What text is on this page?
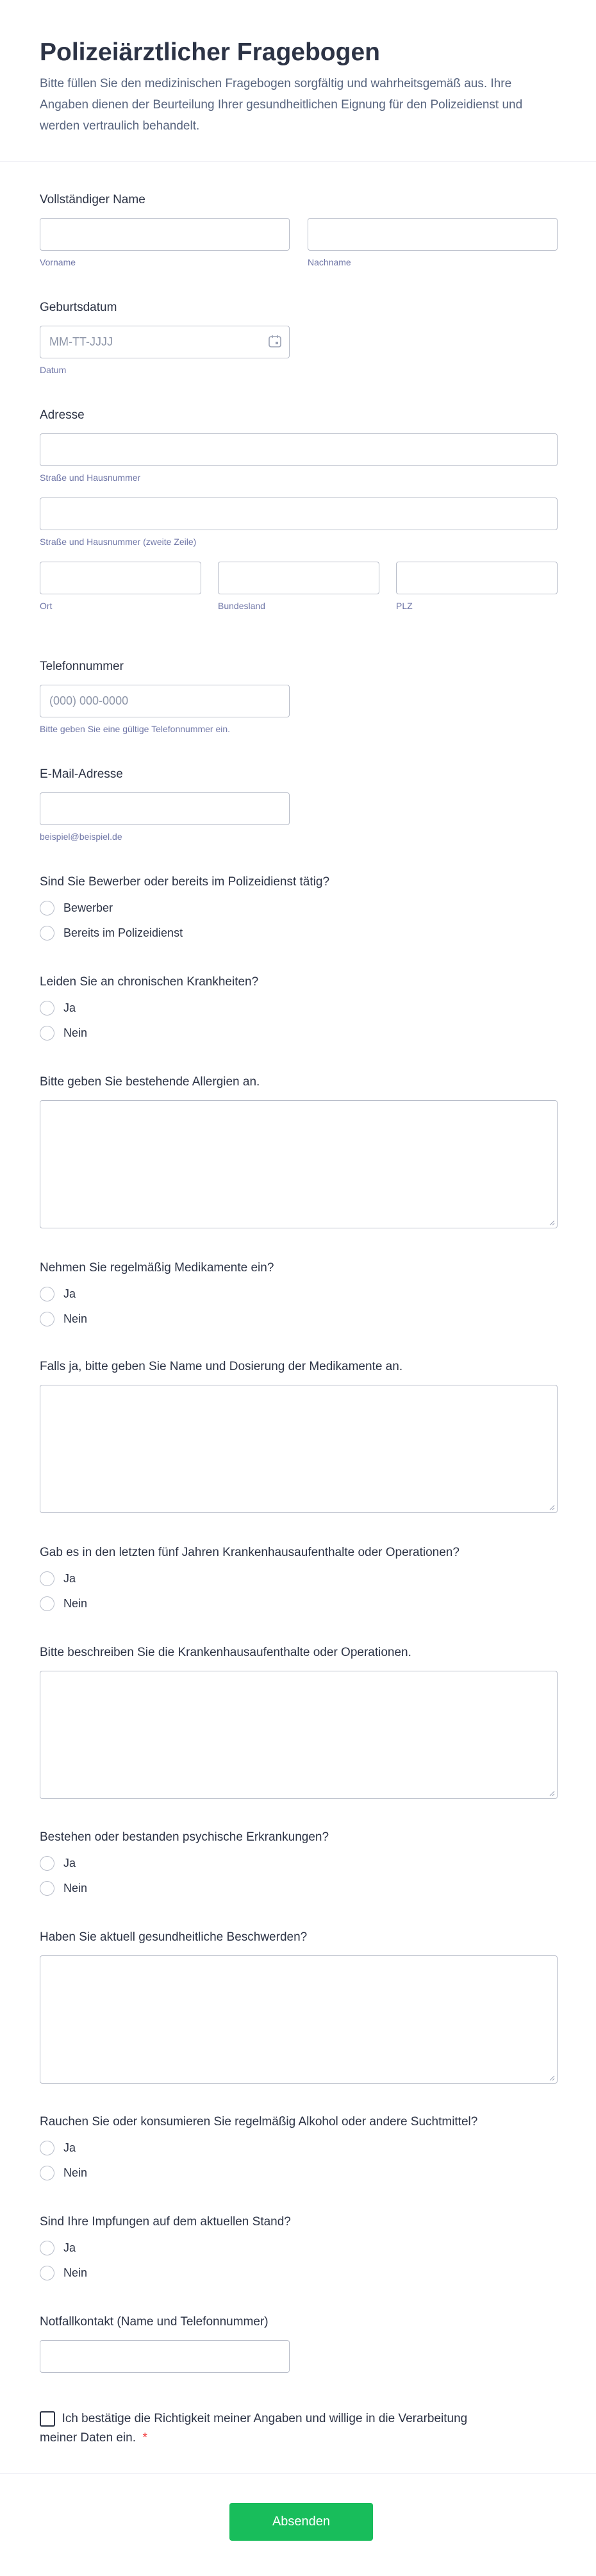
Polizeiärztlicher Fragebogen

Bitte füllen Sie den medizinischen Fragebogen sorgfältig und wahrheitsgemäß aus. Ihre Angaben dienen der Beurteilung Ihrer gesundheitlichen Eignung für den Polizeidienst und werden vertraulich behandelt.

Vollständiger Name
Vorname	Nachname
Geburtsdatum
MM-TT-JJJJ
Datum
Adresse
Straße und Hausnummer
Straße und Hausnummer (zweite Zeile)
Ort	Bundesland	PLZ
Telefonnummer
(000) 000-0000
Bitte geben Sie eine gültige Telefonnummer ein.
E-Mail-Adresse
beispiel@beispiel.de
Sind Sie Bewerber oder bereits im Polizeidienst tätig?
Bewerber
Bereits im Polizeidienst
Leiden Sie an chronischen Krankheiten?
Ja
Nein
Bitte geben Sie bestehende Allergien an.
Nehmen Sie regelmäßig Medikamente ein?
Ja
Nein
Falls ja, bitte geben Sie Name und Dosierung der Medikamente an.
Gab es in den letzten fünf Jahren Krankenhausaufenthalte oder Operationen?
Ja
Nein
Bitte beschreiben Sie die Krankenhausaufenthalte oder Operationen.
Bestehen oder bestanden psychische Erkrankungen?
Ja
Nein
Haben Sie aktuell gesundheitliche Beschwerden?
Rauchen Sie oder konsumieren Sie regelmäßig Alkohol oder andere Suchtmittel?
Ja
Nein
Sind Ihre Impfungen auf dem aktuellen Stand?
Ja
Nein
Notfallkontakt (Name und Telefonnummer)
Ich bestätige die Richtigkeit meiner Angaben und willige in die Verarbeitung meiner Daten ein. *
Absenden
